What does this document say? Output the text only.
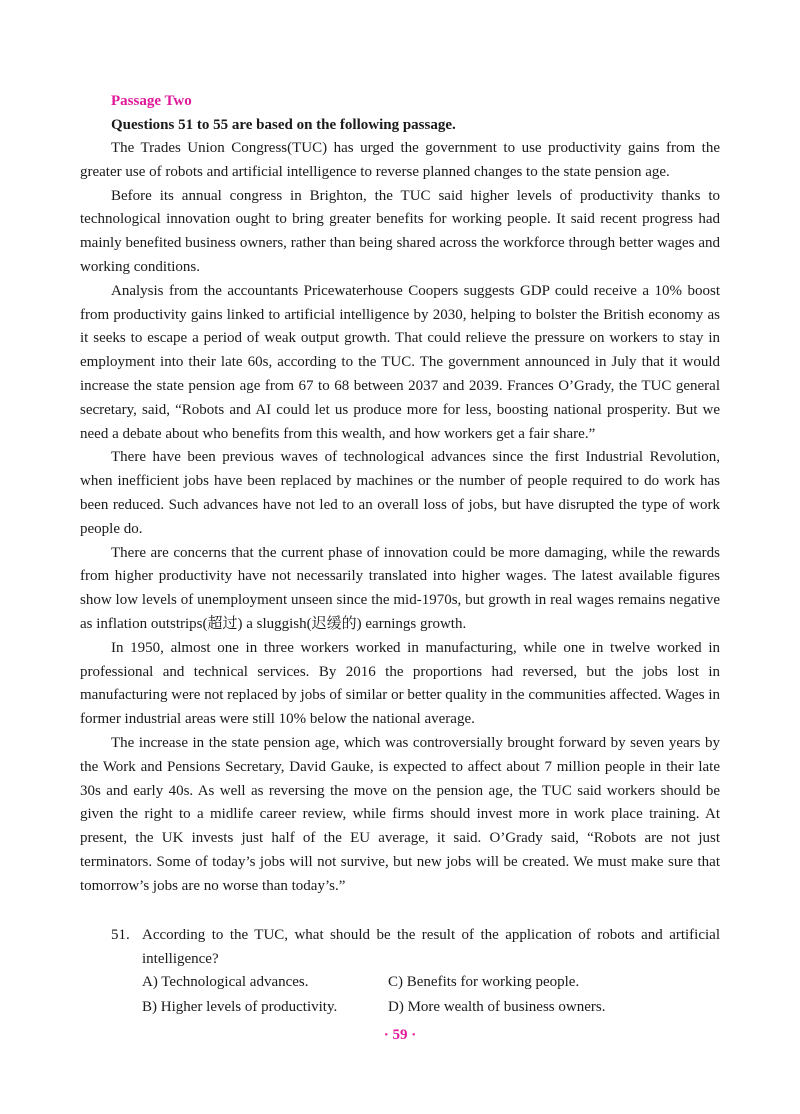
Passage Two
Questions 51 to 55 are based on the following passage.

The Trades Union Congress(TUC) has urged the government to use productivity gains from the greater use of robots and artificial intelligence to reverse planned changes to the state pension age.

Before its annual congress in Brighton, the TUC said higher levels of productivity thanks to technological innovation ought to bring greater benefits for working people. It said recent progress had mainly benefited business owners, rather than being shared across the workforce through better wages and working conditions.

Analysis from the accountants Pricewaterhouse Coopers suggests GDP could receive a 10% boost from productivity gains linked to artificial intelligence by 2030, helping to bolster the British economy as it seeks to escape a period of weak output growth. That could relieve the pressure on workers to stay in employment into their late 60s, according to the TUC. The government announced in July that it would increase the state pension age from 67 to 68 between 2037 and 2039. Frances O’Grady, the TUC general secretary, said, “Robots and AI could let us produce more for less, boosting national prosperity. But we need a debate about who benefits from this wealth, and how workers get a fair share.”

There have been previous waves of technological advances since the first Industrial Revolution, when inefficient jobs have been replaced by machines or the number of people required to do work has been reduced. Such advances have not led to an overall loss of jobs, but have disrupted the type of work people do.

There are concerns that the current phase of innovation could be more damaging, while the rewards from higher productivity have not necessarily translated into higher wages. The latest available figures show low levels of unemployment unseen since the mid-1970s, but growth in real wages remains negative as inflation outstrips(超过) a sluggish(迟缓的) earnings growth.

In 1950, almost one in three workers worked in manufacturing, while one in twelve worked in professional and technical services. By 2016 the proportions had reversed, but the jobs lost in manufacturing were not replaced by jobs of similar or better quality in the communities affected. Wages in former industrial areas were still 10% below the national average.

The increase in the state pension age, which was controversially brought forward by seven years by the Work and Pensions Secretary, David Gauke, is expected to affect about 7 million people in their late 30s and early 40s. As well as reversing the move on the pension age, the TUC said workers should be given the right to a midlife career review, while firms should invest more in work place training. At present, the UK invests just half of the EU average, it said. O’Grady said, “Robots are not just terminators. Some of today’s jobs will not survive, but new jobs will be created. We must make sure that tomorrow’s jobs are no worse than today’s.”

51. According to the TUC, what should be the result of the application of robots and artificial intelligence?
A) Technological advances.	C) Benefits for working people.
B) Higher levels of productivity.	D) More wealth of business owners.
· 59 ·
